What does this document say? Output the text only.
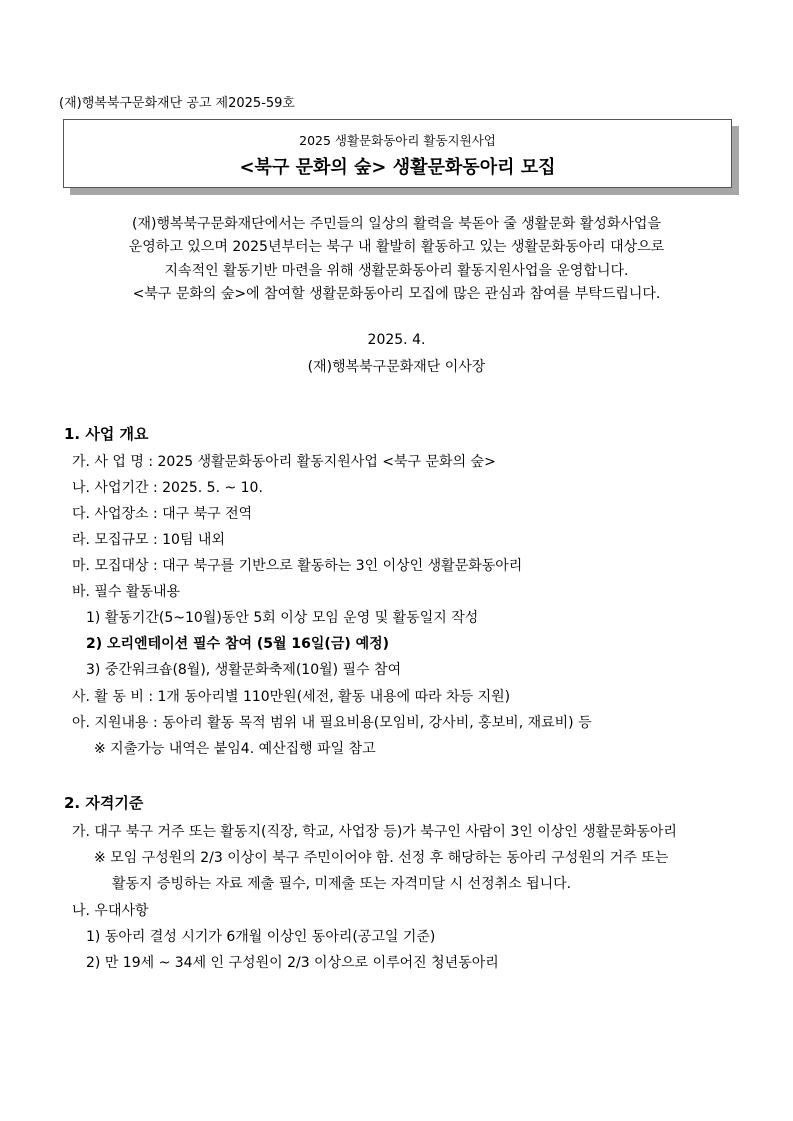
(재)행복북구문화재단 공고 제2025-59호
2025 생활문화동아리 활동지원사업
<북구 문화의 숲> 생활문화동아리 모집
(재)행복북구문화재단에서는 주민들의 일상의 활력을 북돋아 줄 생활문화 활성화사업을
운영하고 있으며 2025년부터는 북구 내 활발히 활동하고 있는 생활문화동아리 대상으로
지속적인 활동기반 마련을 위해 생활문화동아리 활동지원사업을 운영합니다.
<북구 문화의 숲>에 참여할 생활문화동아리 모집에 많은 관심과 참여를 부탁드립니다.
2025. 4.
(재)행복북구문화재단 이사장
1. 사업 개요
가. 사 업 명 : 2025 생활문화동아리 활동지원사업 <북구 문화의 숲>
나. 사업기간 : 2025. 5. ~ 10.
다. 사업장소 : 대구 북구 전역
라. 모집규모 : 10팀 내외
마. 모집대상 : 대구 북구를 기반으로 활동하는 3인 이상인 생활문화동아리
바. 필수 활동내용
1) 활동기간(5~10월)동안 5회 이상 모임 운영 및 활동일지 작성
2) 오리엔테이션 필수 참여 (5월 16일(금) 예정)
3) 중간워크숍(8월), 생활문화축제(10월) 필수 참여
사. 활 동 비 : 1개 동아리별 110만원(세전, 활동 내용에 따라 차등 지원)
아. 지원내용 : 동아리 활동 목적 범위 내 필요비용(모임비, 강사비, 홍보비, 재료비) 등
※ 지출가능 내역은 붙임4. 예산집행 파일 참고
2. 자격기준
가. 대구 북구 거주 또는 활동지(직장, 학교, 사업장 등)가 북구인 사람이 3인 이상인 생활문화동아리
※ 모임 구성원의 2/3 이상이 북구 주민이어야 함. 선정 후 해당하는 동아리 구성원의 거주 또는
활동지 증빙하는 자료 제출 필수, 미제출 또는 자격미달 시 선정취소 됩니다.
나. 우대사항
1) 동아리 결성 시기가 6개월 이상인 동아리(공고일 기준)
2) 만 19세 ~ 34세 인 구성원이 2/3 이상으로 이루어진 청년동아리
